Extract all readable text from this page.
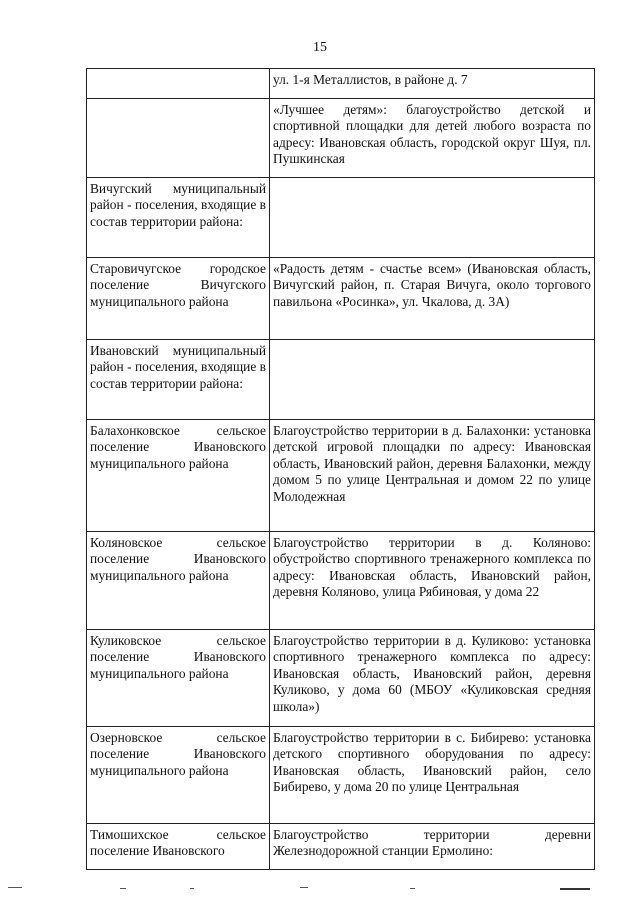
15
	ул. 1-я Металлистов, в районе д. 7
	«Лучшее детям»: благоустройство детской и спортивной площадки для детей любого возраста по адресу: Ивановская область, городской округ Шуя, пл. Пушкинская
Вичугский муниципальный район - поселения, входящие в состав территории района:	
Старовичугское городское поселение Вичугского муниципального района	«Радость детям - счастье всем» (Ивановская область, Вичугский район, п. Старая Вичуга, около торгового павильона «Росинка», ул. Чкалова, д. 3А)
Ивановский муниципальный район - поселения, входящие в состав территории района:	
Балахонковское сельское поселение Ивановского муниципального района	Благоустройство территории в д. Балахонки: установка детской игровой площадки по адресу: Ивановская область, Ивановский район, деревня Балахонки, между домом 5 по улице Центральная и домом 22 по улице Молодежная
Коляновское сельское поселение Ивановского муниципального района	Благоустройство территории в д. Коляново: обустройство спортивного тренажерного комплекса по адресу: Ивановская область, Ивановский район, деревня Коляново, улица Рябиновая, у дома 22
Куликовское сельское поселение Ивановского муниципального района	Благоустройство территории в д. Куликово: установка спортивного тренажерного комплекса по адресу: Ивановская область, Ивановский район, деревня Куликово, у дома 60 (МБОУ «Куликовская средняя школа»)
Озерновское сельское поселение Ивановского муниципального района	Благоустройство территории в с. Бибирево: установка детского спортивного оборудования по адресу: Ивановская область, Ивановский район, село Бибирево, у дома 20 по улице Центральная
Тимошихское сельское поселение Ивановского	Благоустройство территории деревни Железнодорожной станции Ермолино:
